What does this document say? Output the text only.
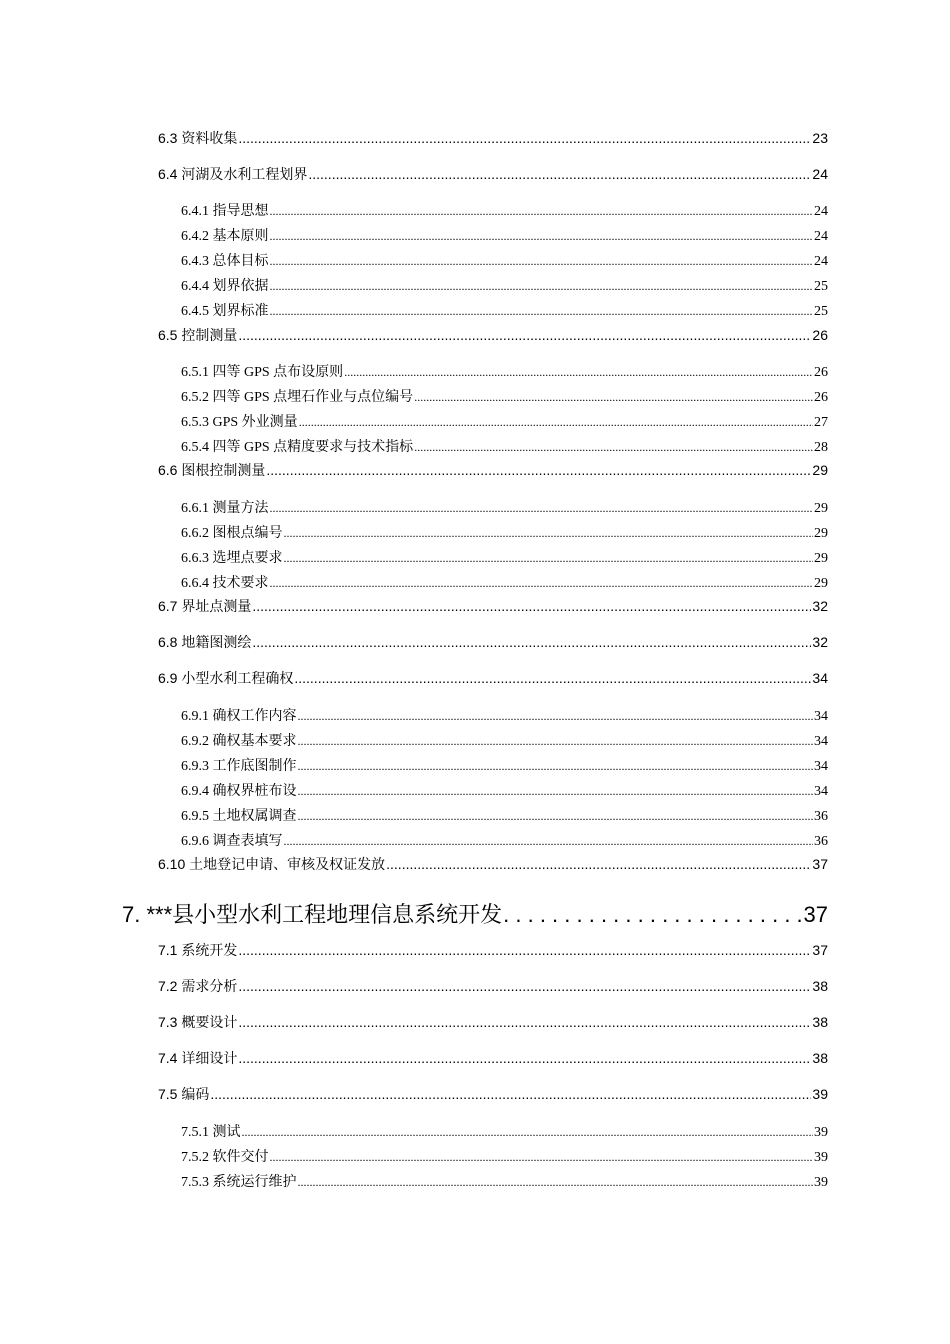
6.3 资料收集 .....	23
6.4 河湖及水利工程划界 .....	24
6.4.1 指导思想 .....	24
6.4.2 基本原则 .....	24
6.4.3 总体目标 .....	24
6.4.4 划界依据 .....	25
6.4.5 划界标准 .....	25
6.5 控制测量 .....	26
6.5.1 四等 GPS 点布设原则 .....	26
6.5.2 四等 GPS 点埋石作业与点位编号 .....	26
6.5.3 GPS 外业测量 .....	27
6.5.4 四等 GPS 点精度要求与技术指标 .....	28
6.6 图根控制测量 .....	29
6.6.1 测量方法 .....	29
6.6.2 图根点编号 .....	29
6.6.3 选埋点要求 .....	29
6.6.4 技术要求 .....	29
6.7 界址点测量 .....	32
6.8 地籍图测绘 .....	32
6.9 小型水利工程确权 .....	34
6.9.1 确权工作内容 .....	34
6.9.2 确权基本要求 .....	34
6.9.3 工作底图制作 .....	34
6.9.4 确权界桩布设 .....	34
6.9.5 土地权属调查 .....	36
6.9.6 调查表填写 .....	36
6.10 土地登记申请、审核及权证发放 .....	37
7. ***县小型水利工程地理信息系统开发 . . .	37
7.1 系统开发 .....	37
7.2 需求分析 .....	38
7.3 概要设计 .....	38
7.4 详细设计 .....	38
7.5 编码 .....	39
7.5.1 测试 .....	39
7.5.2 软件交付 .....	39
7.5.3 系统运行维护 .....	39
